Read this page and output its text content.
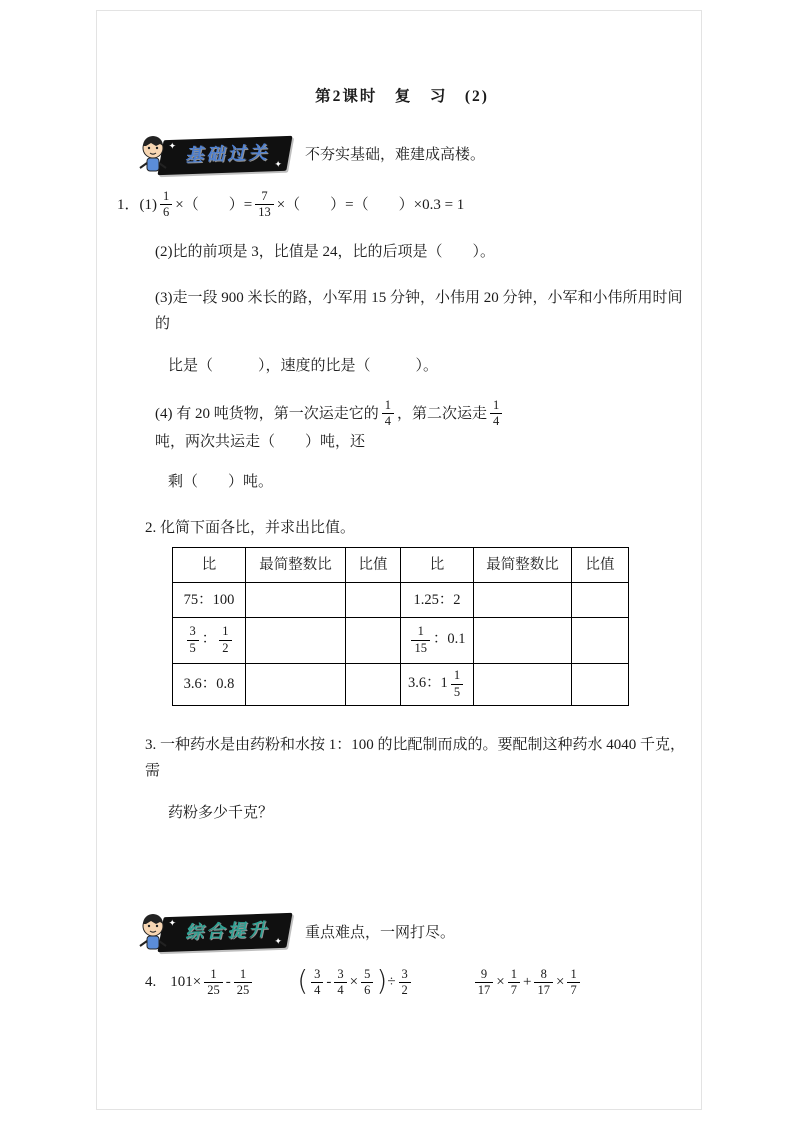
第2课时　复　习　(2)
✦ 基础过关 ✦
不夯实基础，难建成高楼。
1． $(1) \frac{1}{6}$ ×（　　）= $\frac{7}{13}$ ×（　　）=（　　）×0.3 = 1
(2)比的前项是 3，比值是 24，比的后项是（　　）。
(3)走一段 900 米长的路，小军用 15 分钟，小伟用 20 分钟，小军和小伟所用时间的
比是（　　　），速度的比是（　　　）。
(4) 有 20 吨货物，第一次运走它的 $\frac{1}{4}$ ，第二次运走 $\frac{1}{4}$
吨，两次共运走（　　）吨，还
剩（　　）吨。
2. 化简下面各比，并求出比值。
比	最简整数比	比值	比	最简整数比	比值
75：100			1.25：2		

$\frac{3}{5}$ ： $\frac{1}{2}$			$\frac{1}{15}$ ：0.1		
3.6：0.8			3.6：$1 \frac{1}{5}$

3. 一种药水是由药粉和水按 1：100 的比配制而成的。要配制这种药水 4040 千克，需
药粉多少千克？
✦ 综合提升 ✦
重点难点，一网打尽。
4. $101\times \frac{1}{25} - \frac{1}{25}$ ( $\frac{3}{4} - \frac{3}{4} \times \frac{5}{6}$ ) ÷ $\frac{3}{2}$	$\frac{9}{17} \times \frac{1}{7} + \frac{8}{17} \times \frac{1}{7}$
